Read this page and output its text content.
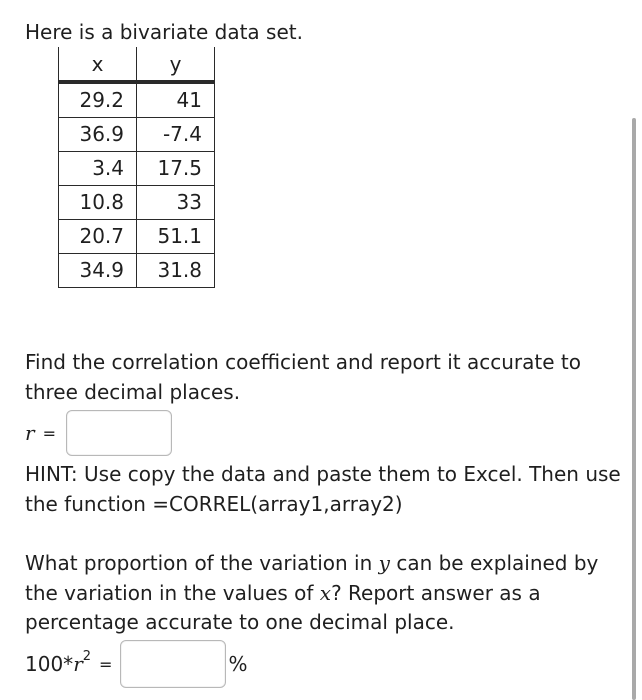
Here is a bivariate data set.
x	y
29.2	41
36.9	-7.4
3.4	17.5
10.8	33
20.7	51.1
34.9	31.8
Find the correlation coefficient and report it accurate to three decimal places.
r =
HINT: Use copy the data and paste them to Excel. Then use the function =CORREL(array1,array2)
What proportion of the variation in y can be explained by the variation in the values of x? Report answer as a percentage accurate to one decimal place.
100* r 2 =	%
